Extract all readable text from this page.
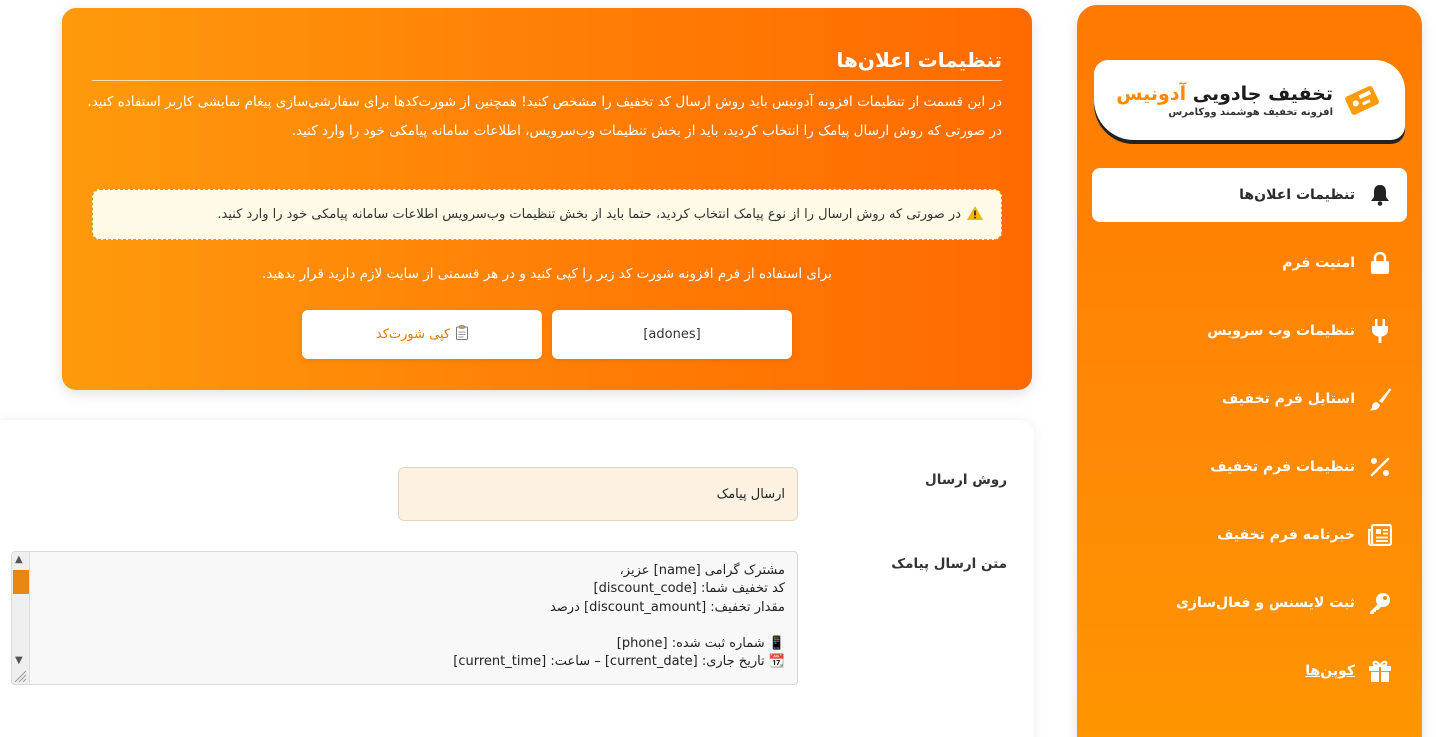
تنظیمات اعلان‌ها

در این قسمت از تنظیمات افزونه آدونیس باید روش ارسال کد تخفیف را مشخص کنید! همچنین از شورت‌کدها برای سفارشی‌سازی پیغام نمایشی کاربر استفاده کنید. در صورتی که روش ارسال پیامک را انتخاب کردید، باید از بخش تنظیمات وب‌سرویس، اطلاعات سامانه پیامکی خود را وارد کنید.

در صورتی که روش ارسال را از نوع پیامک انتخاب کردید، حتما باید از بخش تنظیمات وب‌سرویس اطلاعات سامانه پیامکی خود را وارد کنید.

برای استفاده از فرم افزونه شورت کد زیر را کپی کنید و در هر قسمتی از سایت لازم دارید قرار بدهید.

[adones]
کپی شورت‌کد
روش ارسال
ارسال پیامک
متن ارسال پیامک
مشترک گرامی [name] عزیز،
کد تخفیف شما: [discount_code]
مقدار تخفیف: [discount_amount] درصد
📱 شماره ثبت شده: [phone]
📆 تاریخ جاری: [current_date] – ساعت: [current_time]
▲
▼
تخفیف جادویی آدونیس
افزونه تخفیف هوشمند ووکامرس
تنظیمات اعلان‌ها
امنیت فرم
تنظیمات وب سرویس
استایل فرم تخفیف
تنظیمات فرم تخفیف
خبرنامه فرم تخفیف
ثبت لایسنس و فعال‌سازی
کوپن‌ها
